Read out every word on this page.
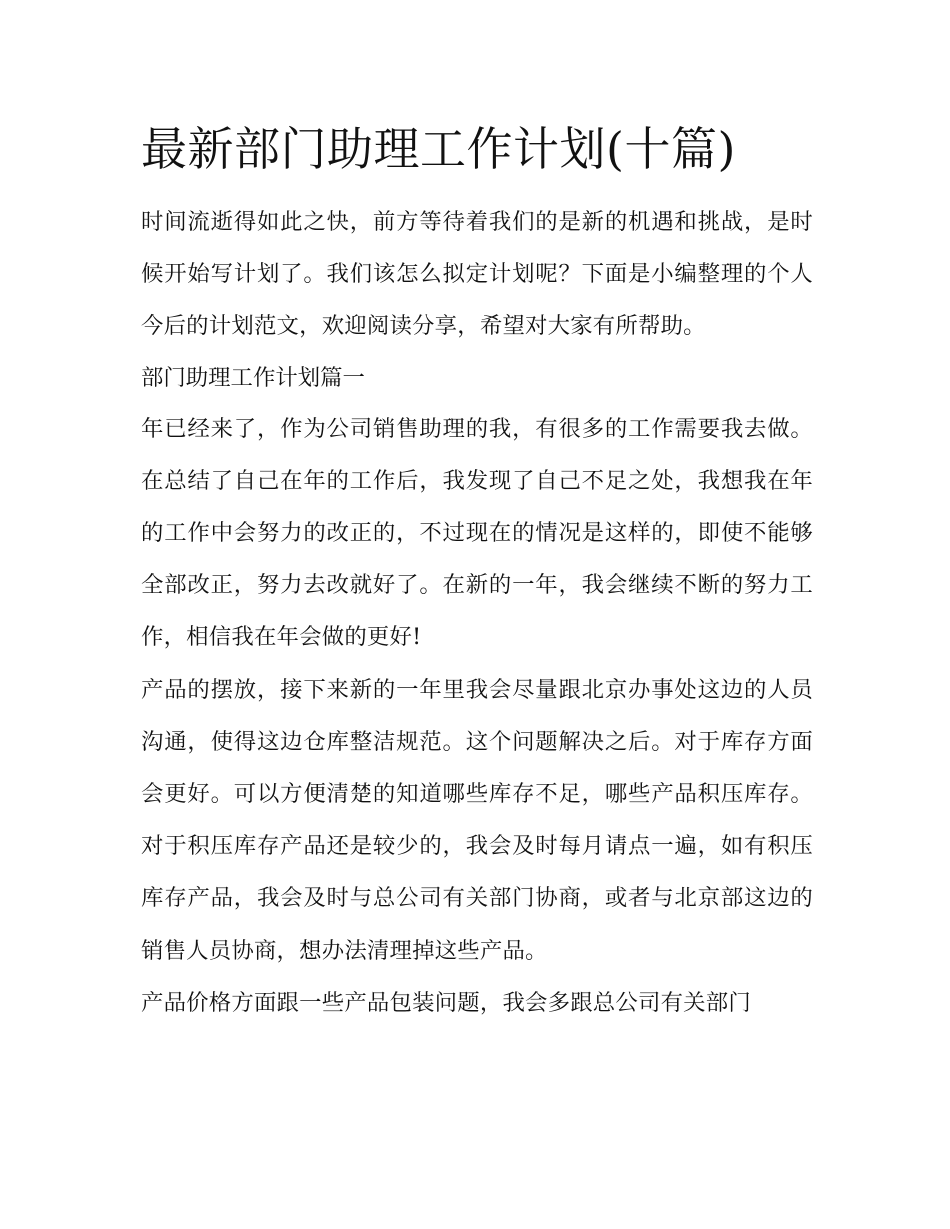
最新部门助理工作计划(十篇)

时间流逝得如此之快，前方等待着我们的是新的机遇和挑战，是时候开始写计划了。我们该怎么拟定计划呢？下面是小编整理的个人今后的计划范文，欢迎阅读分享，希望对大家有所帮助。

部门助理工作计划篇一

年已经来了，作为公司销售助理的我，有很多的工作需要我去做。在总结了自己在年的工作后，我发现了自己不足之处，我想我在年的工作中会努力的改正的，不过现在的情况是这样的，即使不能够全部改正，努力去改就好了。在新的一年，我会继续不断的努力工作，相信我在年会做的更好!

产品的摆放，接下来新的一年里我会尽量跟北京办事处这边的人员沟通，使得这边仓库整洁规范。这个问题解决之后。对于库存方面会更好。可以方便清楚的知道哪些库存不足，哪些产品积压库存。对于积压库存产品还是较少的，我会及时每月请点一遍，如有积压库存产品，我会及时与总公司有关部门协商，或者与北京部这边的销售人员协商，想办法清理掉这些产品。

产品价格方面跟一些产品包装问题，我会多跟总公司有关部门
